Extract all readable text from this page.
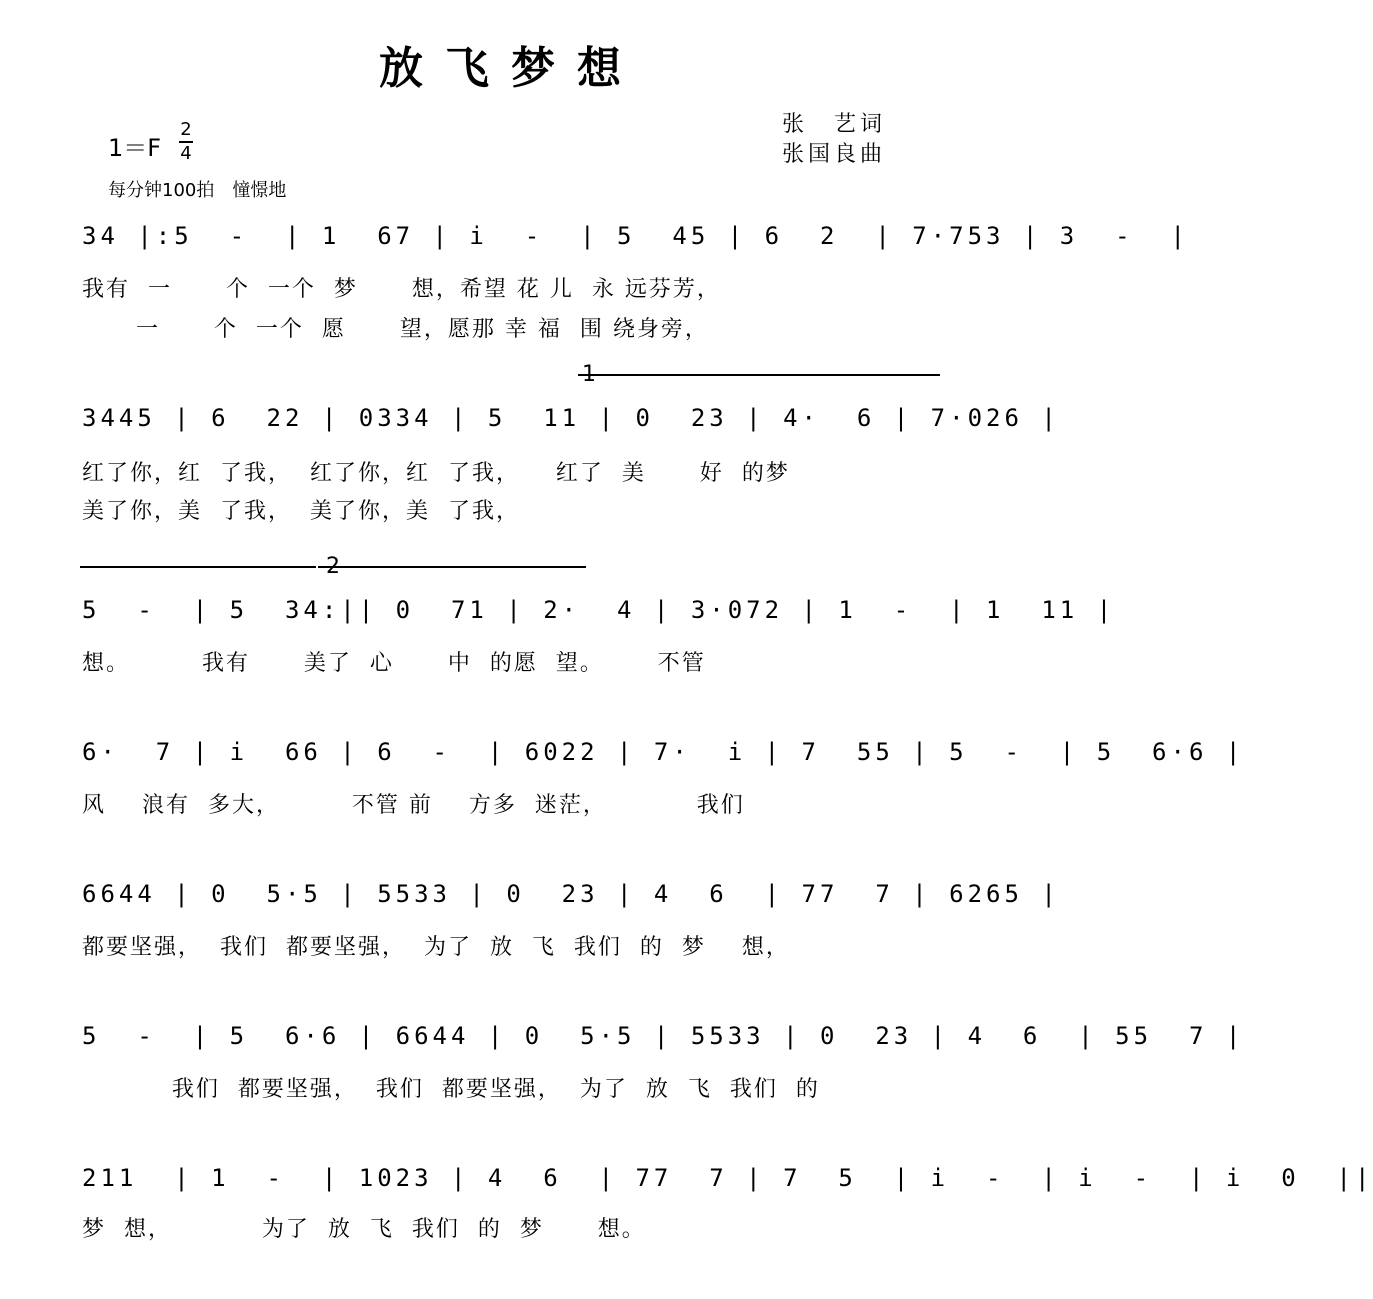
放飞梦想
1＝F
2
4
每分钟100拍　憧憬地
张　艺词
张国良曲
34 |:5  -  | 1  67 | i  -  | 5  45 | 6  2  | 7·753 | 3  -  |
我有  一      个  一个  梦      想，希望 花 儿  永 远芬芳，
一      个  一个  愿      望，愿那 幸 福  围 绕身旁，
1
3445 | 6  22 | 0334 | 5  11 | 0  23 | 4·  6 | 7·026 |
红了你，红  了我，  红了你，红  了我，    红了  美      好  的梦
美了你，美  了我，  美了你，美  了我，
2
5  -  | 5  34:|| 0  71 | 2·  4 | 3·072 | 1  -  | 1  11 |
想。        我有      美了  心      中  的愿  望。      不管
6·  7 | i  66 | 6  -  | 6022 | 7·  i | 7  55 | 5  -  | 5  6·6 |
风    浪有  多大，        不管 前    方多  迷茫，          我们
6644 | 0  5·5 | 5533 | 0  23 | 4  6  | 77  7 | 6265 |
都要坚强，  我们  都要坚强，  为了  放  飞  我们  的  梦    想，
5  -  | 5  6·6 | 6644 | 0  5·5 | 5533 | 0  23 | 4  6  | 55  7 |
我们  都要坚强，  我们  都要坚强，  为了  放  飞  我们  的
211  | 1  -  | 1023 | 4  6  | 77  7 | 7  5  | i  -  | i  -  | i  0  ||
梦  想，          为了  放  飞  我们  的  梦      想。
